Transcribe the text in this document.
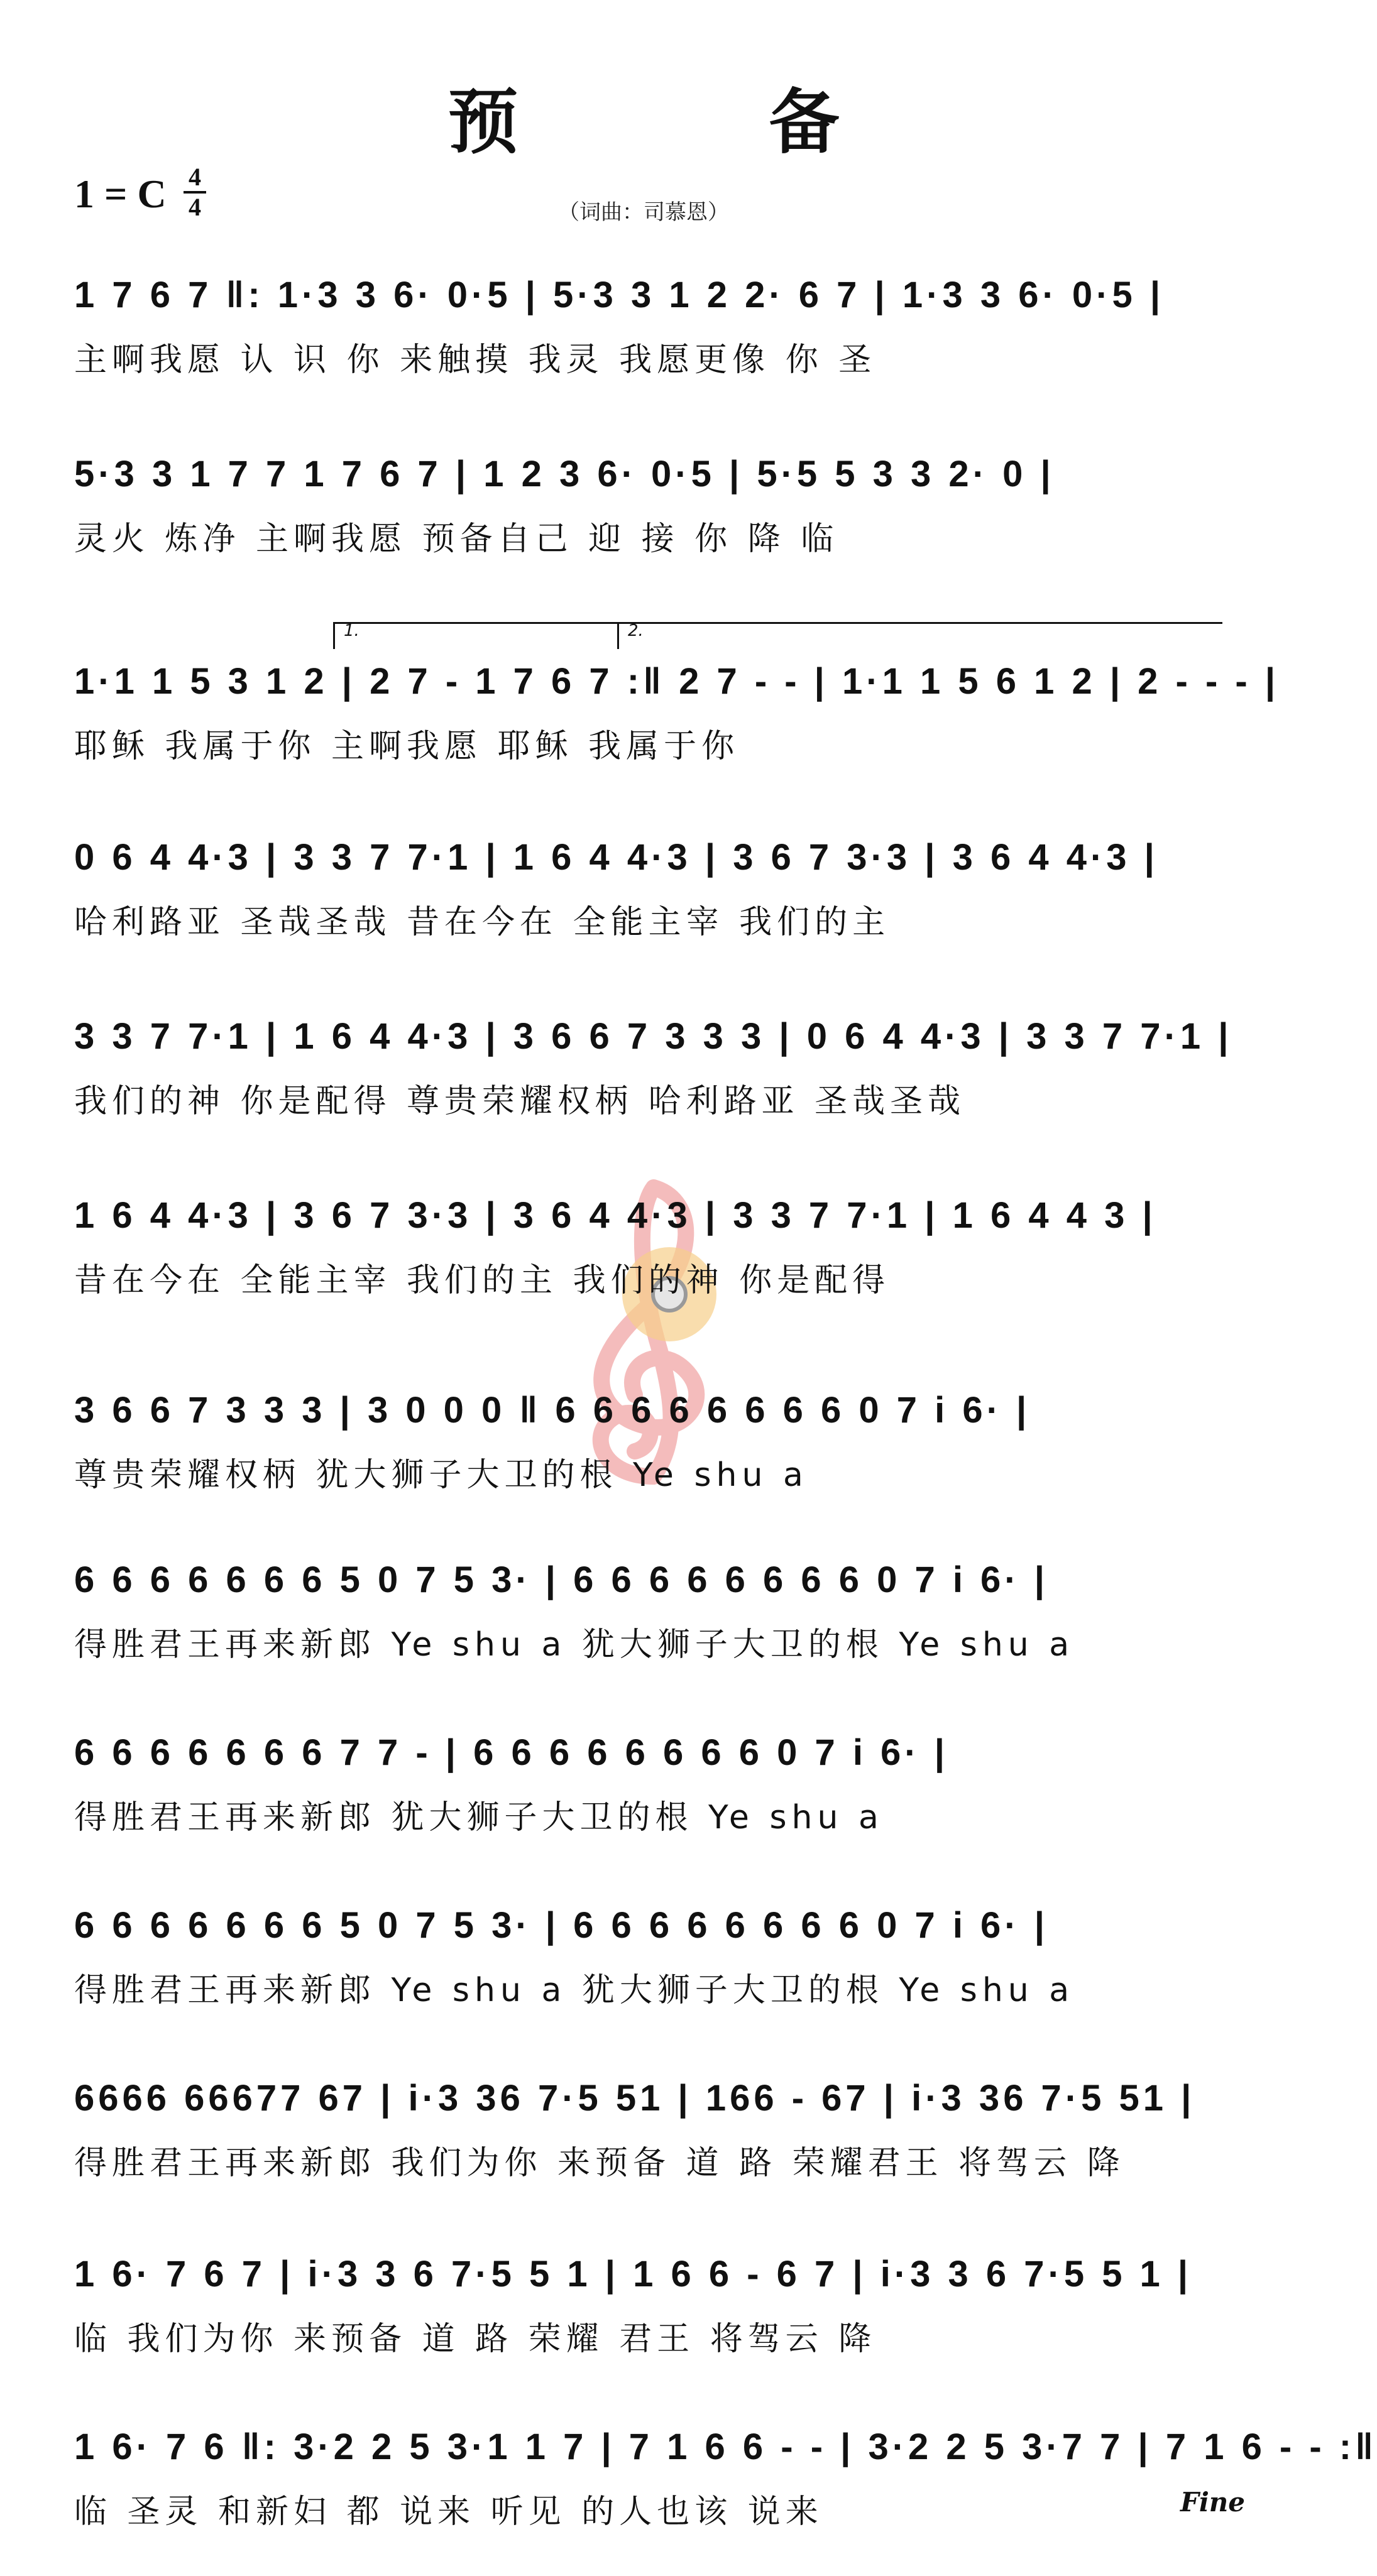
预 备
1 = C 4
4	（词曲：司慕恩）
1.	2.
1 7 6 7 ‖: 1·3 3 6· 0·5 | 5·3 3 1 2 2· 6 7 | 1·3 3 6· 0·5 |
主啊我愿 认 识 你 来触摸 我灵 我愿更像 你 圣
5·3 3 1 7 7 1 7 6 7 | 1 2 3 6· 0·5 | 5·5 5 3 3 2· 0 |
灵火 炼净 主啊我愿 预备自己 迎 接 你 降 临
1·1 1 5 3 1 2 | 2 7 - 1 7 6 7 :‖ 2 7 - - | 1·1 1 5 6 1 2 | 2 - - - |
耶稣 我属于你 主啊我愿 耶稣 我属于你
0 6 4 4·3 | 3 3 7 7·1 | 1 6 4 4·3 | 3 6 7 3·3 | 3 6 4 4·3 |
哈利路亚 圣哉圣哉 昔在今在 全能主宰 我们的主
3 3 7 7·1 | 1 6 4 4·3 | 3 6 6 7 3 3 3 | 0 6 4 4·3 | 3 3 7 7·1 |
我们的神 你是配得 尊贵荣耀权柄 哈利路亚 圣哉圣哉
1 6 4 4·3 | 3 6 7 3·3 | 3 6 4 4·3 | 3 3 7 7·1 | 1 6 4 4 3 |
昔在今在 全能主宰 我们的主 我们的神 你是配得
3 6 6 7 3 3 3 | 3 0 0 0 ‖ 6 6 6 6 6 6 6 6 0 7 i 6· |
尊贵荣耀权柄 犹大狮子大卫的根 Ye shu a
6 6 6 6 6 6 6 5 0 7 5 3· | 6 6 6 6 6 6 6 6 0 7 i 6· |
得胜君王再来新郎 Ye shu a 犹大狮子大卫的根 Ye shu a
6 6 6 6 6 6 6 7 7 - | 6 6 6 6 6 6 6 6 0 7 i 6· |
得胜君王再来新郎 犹大狮子大卫的根 Ye shu a
6 6 6 6 6 6 6 5 0 7 5 3· | 6 6 6 6 6 6 6 6 0 7 i 6· |
得胜君王再来新郎 Ye shu a 犹大狮子大卫的根 Ye shu a
6666 66677 67 | i·3 36 7·5 51 | 166 - 67 | i·3 36 7·5 51 |
得胜君王再来新郎 我们为你 来预备 道 路 荣耀君王 将驾云 降
1 6· 7 6 7 | i·3 3 6 7·5 5 1 | 1 6 6 - 6 7 | i·3 3 6 7·5 5 1 |
临 我们为你 来预备 道 路 荣耀 君王 将驾云 降
1 6· 7 6 ‖: 3·2 2 5 3·1 1 7 | 7 1 6 6 - - | 3·2 2 5 3·7 7 | 7 1 6 - - :‖
临 圣灵 和新妇 都 说来 听见 的人也该 说来	Fine
